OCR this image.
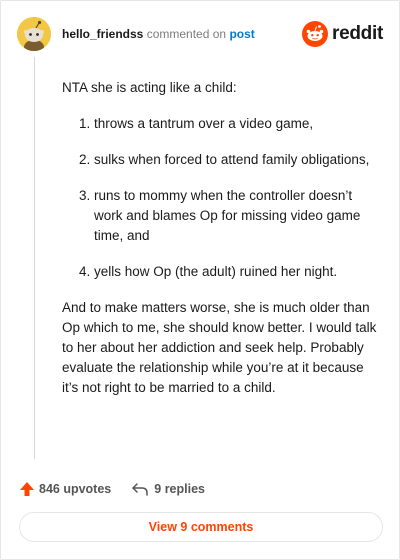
hello_friendss commented on post	reddit

NTA she is acting like a child:

1. throws a tantrum over a video game,
2. sulks when forced to attend family obligations,
3. runs to mommy when the controller doesn’t work and blames Op for missing video game time, and
4. yells how Op (the adult) ruined her night.

And to make matters worse, she is much older than Op which to me, she should know better. I would talk to her about her addiction and seek help. Probably evaluate the relationship while you’re at it because it’s not right to be married to a child.

846 upvotes	9 replies
View 9 comments
